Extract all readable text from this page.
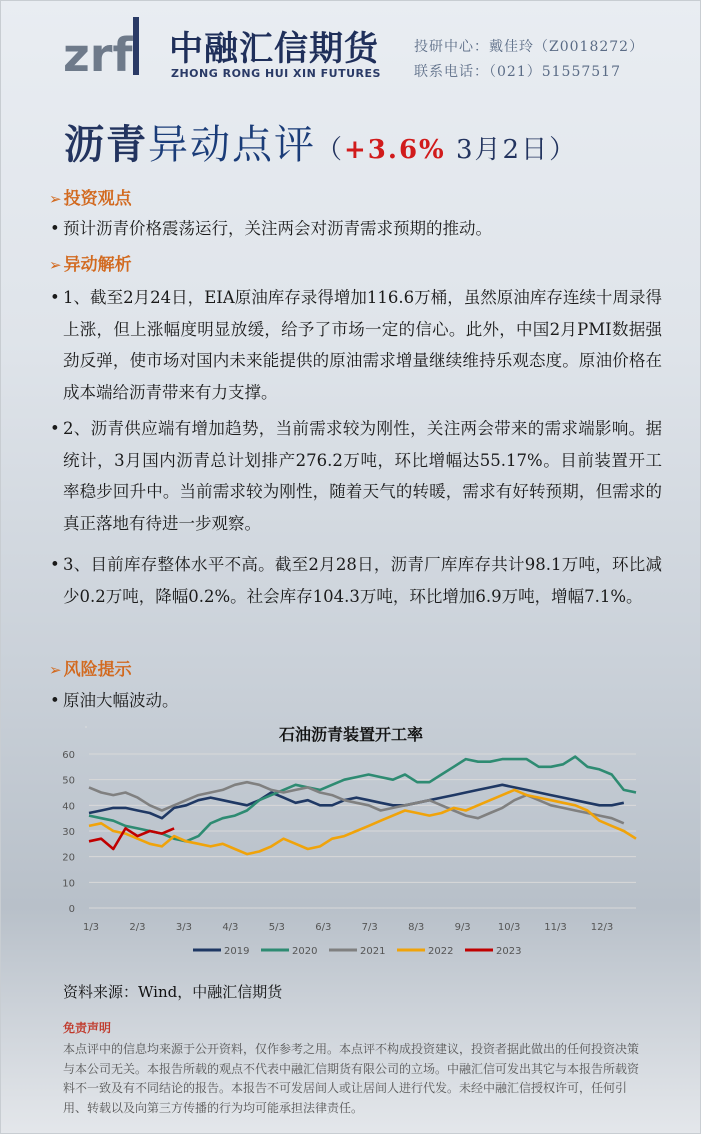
zrf 中融汇信期货
ZHONG RONG HUI XIN FUTURES
投研中心：戴佳玲（Z0018272）
联系电话：（021）51557517
沥青异动点评（+3.6% 3月2日）
➢ 投资观点
• 预计沥青价格震荡运行，关注两会对沥青需求预期的推动。
➢ 异动解析
• 1、截至2月24日，EIA原油库存录得增加116.6万桶，虽然原油库存连续十周录得上涨，但上涨幅度明显放缓，给予了市场一定的信心。此外，中国2月PMI数据强劲反弹，使市场对国内未来能提供的原油需求增量继续维持乐观态度。原油价格在成本端给沥青带来有力支撑。
• 2、沥青供应端有增加趋势，当前需求较为刚性，关注两会带来的需求端影响。据统计，3月国内沥青总计划排产276.2万吨，环比增幅达55.17%。目前装置开工率稳步回升中。当前需求较为刚性，随着天气的转暖，需求有好转预期，但需求的真正落地有待进一步观察。
• 3、目前库存整体水平不高。截至2月28日，沥青厂库库存共计98.1万吨，环比减少0.2万吨，降幅0.2%。社会库存104.3万吨，环比增加6.9万吨，增幅7.1%。
➢ 风险提示
• 原油大幅波动。
石油沥青装置开工率
0
10
20
30
40
50
60
1/3	2/3	3/3	4/3	5/3	6/3	7/3	8/3	9/3	10/3 11/3 12/3
2019	2020	2021	2022	2023
资料来源：Wind，中融汇信期货
免责声明
本点评中的信息均来源于公开资料，仅作参考之用。本点评不构成投资建议，投资者据此做出的任何投资决策与本公司无关。本报告所载的观点不代表中融汇信期货有限公司的立场。中融汇信可发出其它与本报告所载资料不一致及有不同结论的报告。本报告不可发居间人或让居间人进行代发。未经中融汇信授权许可，任何引用、转载以及向第三方传播的行为均可能承担法律责任。
